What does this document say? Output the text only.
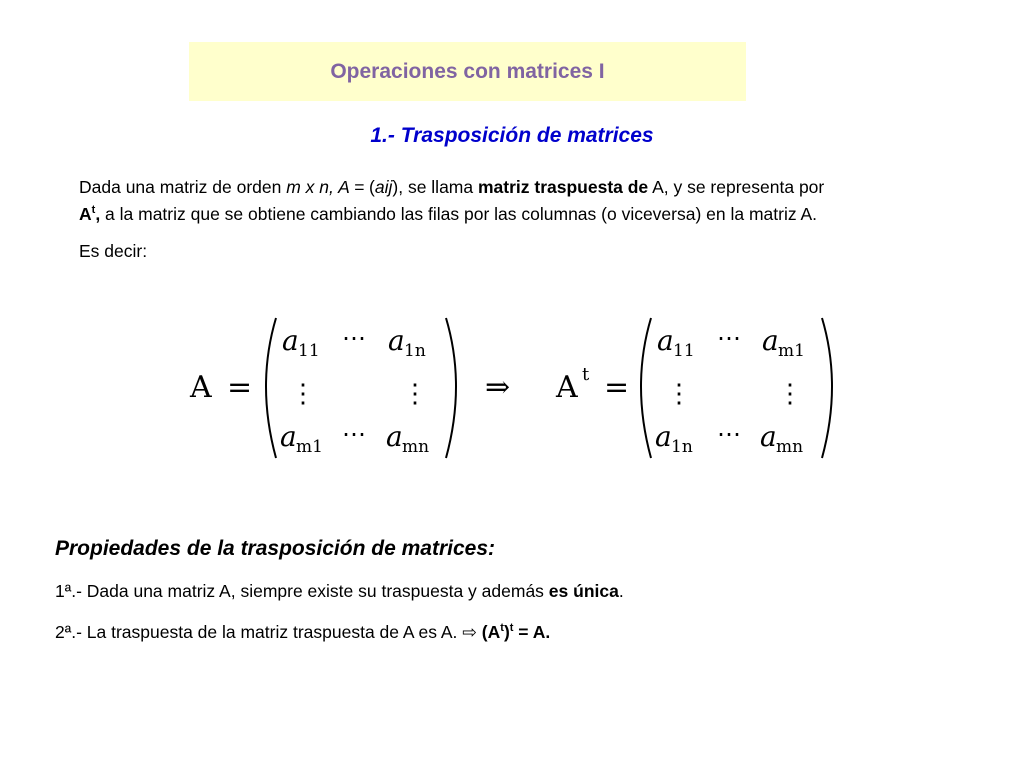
Operaciones con matrices I
1.- Trasposición de matrices
Dada una matriz de orden m x n, A = (aij), se llama matriz traspuesta de A, y se representa por
$A^t$, a la matriz que se obtiene cambiando las filas por las columnas (o viceversa) en la matriz A.
Es decir:
A =
a 11 ⋯ a 1n
⋮	⋮
a m1 ⋯ a mn
⇒ A t =
a 11 ⋯ a m1
⋮	⋮
a 1n ⋯ a mn
Propiedades de la trasposición de matrices:
1ª.- Dada una matriz A, siempre existe su traspuesta y además es única.
2ª.- La traspuesta de la matriz traspuesta de A es A. ⇨ $(A^t)^t = A$.
